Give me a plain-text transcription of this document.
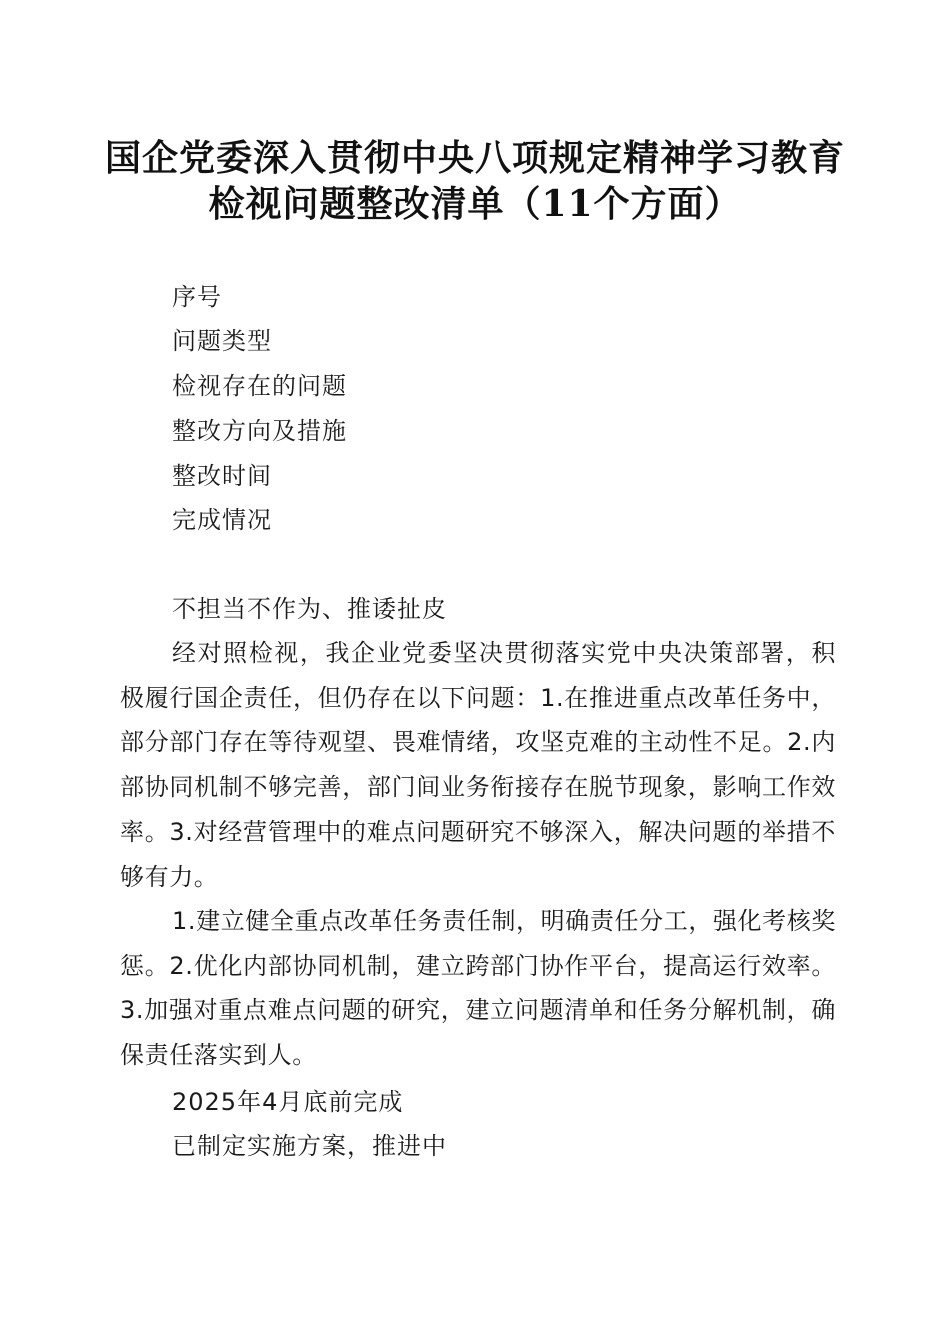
国企党委深入贯彻中央八项规定精神学习教育
检视问题整改清单（11个方面）

序号

问题类型

检视存在的问题

整改方向及措施

整改时间

完成情况

不担当不作为、推诿扯皮

经对照检视，我企业党委坚决贯彻落实党中央决策部署，积极履行国企责任，但仍存在以下问题：1.在推进重点改革任务中，部分部门存在等待观望、畏难情绪，攻坚克难的主动性不足。2.内部协同机制不够完善，部门间业务衔接存在脱节现象，影响工作效率。3.对经营管理中的难点问题研究不够深入，解决问题的举措不够有力。

1.建立健全重点改革任务责任制，明确责任分工，强化考核奖惩。2.优化内部协同机制，建立跨部门协作平台，提高运行效率。3.加强对重点难点问题的研究，建立问题清单和任务分解机制，确保责任落实到人。

2025年4月底前完成

已制定实施方案，推进中
